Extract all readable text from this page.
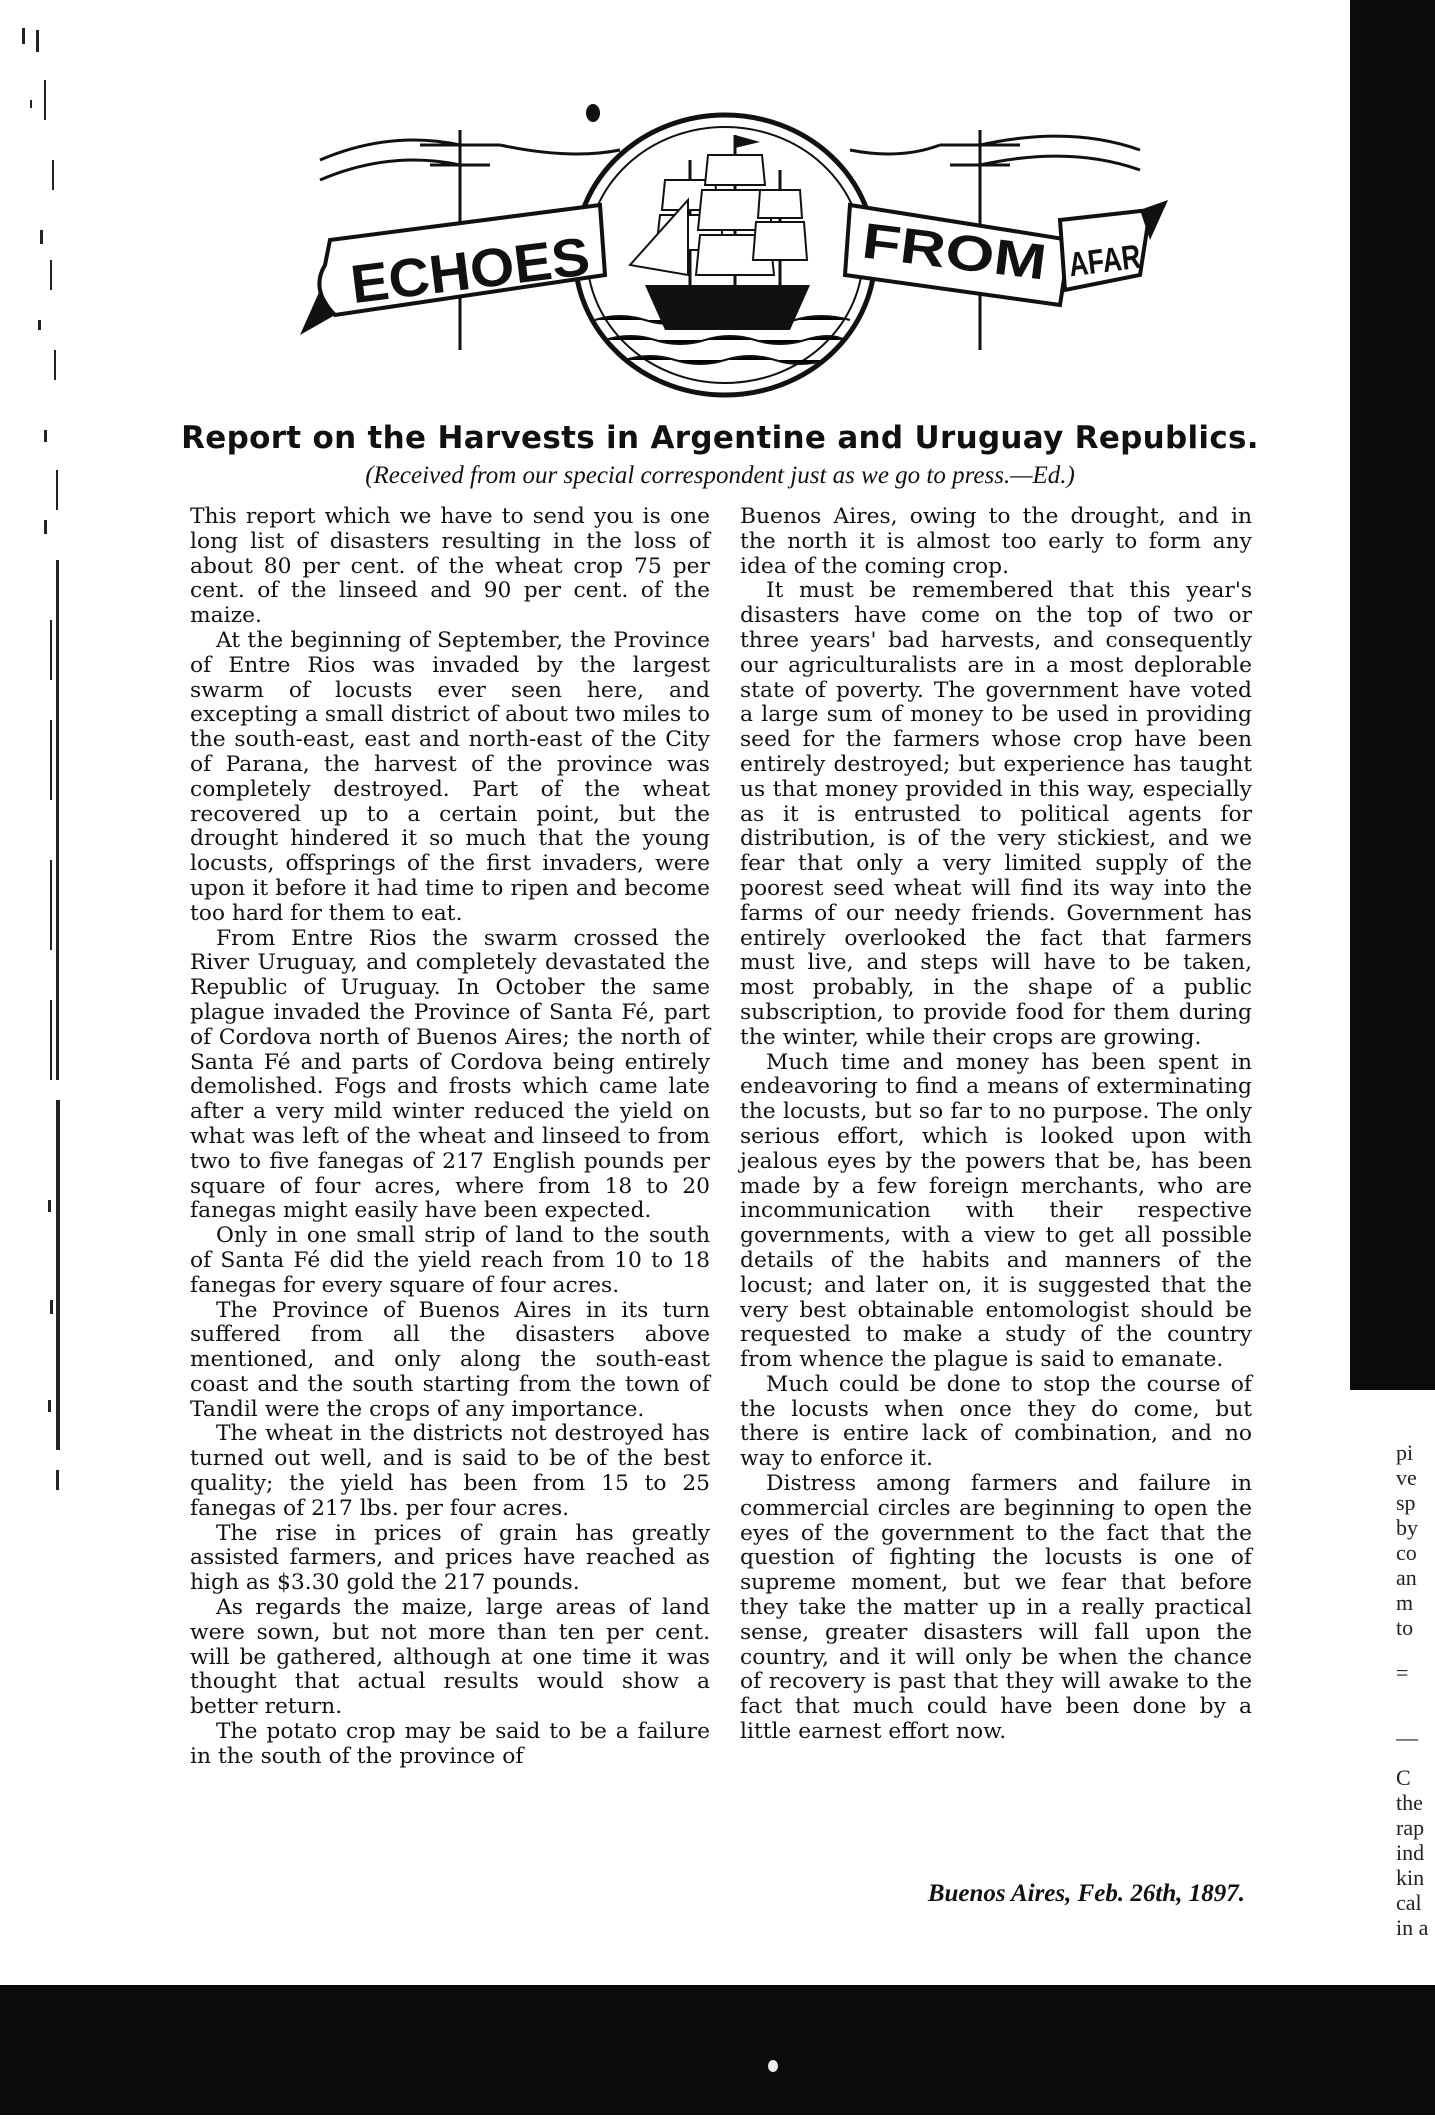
pi
ve
sp
by
co
an
m
to
=
—
C
the
rap
ind
kin
cal
in a
ECHOES	FROM	AFAR
Report on the Harvests in Argentine and Uruguay Republics.
(Received from our special correspondent just as we go to press.—Ed.)

This report which we have to send you is one long list of disasters resulting in the loss of about 80 per cent. of the wheat crop 75 per cent. of the linseed and 90 per cent. of the maize.

At the beginning of September, the Province of Entre Rios was invaded by the largest swarm of locusts ever seen here, and excepting a small district of about two miles to the south-east, east and north-east of the City of Parana, the harvest of the province was completely destroyed. Part of the wheat recovered up to a certain point, but the drought hindered it so much that the young locusts, offsprings of the first invaders, were upon it before it had time to ripen and become too hard for them to eat.

From Entre Rios the swarm crossed the River Uruguay, and completely devastated the Republic of Uruguay. In October the same plague invaded the Province of Santa Fé, part of Cordova north of Buenos Aires; the north of Santa Fé and parts of Cordova being entirely demolished. Fogs and frosts which came late after a very mild winter reduced the yield on what was left of the wheat and linseed to from two to five fanegas of 217 English pounds per square of four acres, where from 18 to 20 fanegas might easily have been expected.

Only in one small strip of land to the south of Santa Fé did the yield reach from 10 to 18 fanegas for every square of four acres.

The Province of Buenos Aires in its turn suffered from all the disasters above mentioned, and only along the south-east coast and the south starting from the town of Tandil were the crops of any importance.

The wheat in the districts not destroyed has turned out well, and is said to be of the best quality; the yield has been from 15 to 25 fanegas of 217 lbs. per four acres.

The rise in prices of grain has greatly assisted farmers, and prices have reached as high as $3.30 gold the 217 pounds.

As regards the maize, large areas of land were sown, but not more than ten per cent. will be gathered, although at one time it was thought that actual results would show a better return.

The potato crop may be said to be a failure in the south of the province of

Buenos Aires, owing to the drought, and in the north it is almost too early to form any idea of the coming crop.

It must be remembered that this year's disasters have come on the top of two or three years' bad harvests, and consequently our agriculturalists are in a most deplorable state of poverty. The government have voted a large sum of money to be used in providing seed for the farmers whose crop have been entirely destroyed; but experience has taught us that money provided in this way, especially as it is entrusted to political agents for distribution, is of the very stickiest, and we fear that only a very limited supply of the poorest seed wheat will find its way into the farms of our needy friends. Government has entirely overlooked the fact that farmers must live, and steps will have to be taken, most probably, in the shape of a public subscription, to provide food for them during the winter, while their crops are growing.

Much time and money has been spent in endeavoring to find a means of exterminating the locusts, but so far to no purpose. The only serious effort, which is looked upon with jealous eyes by the powers that be, has been made by a few foreign merchants, who are incommunication with their respective governments, with a view to get all possible details of the habits and manners of the locust; and later on, it is suggested that the very best obtainable entomologist should be requested to make a study of the country from whence the plague is said to emanate.

Much could be done to stop the course of the locusts when once they do come, but there is entire lack of combination, and no way to enforce it.

Distress among farmers and failure in commercial circles are beginning to open the eyes of the government to the fact that the question of fighting the locusts is one of supreme moment, but we fear that before they take the matter up in a really practical sense, greater disasters will fall upon the country, and it will only be when the chance of recovery is past that they will awake to the fact that much could have been done by a little earnest effort now.

Buenos Aires, Feb. 26th, 1897.
